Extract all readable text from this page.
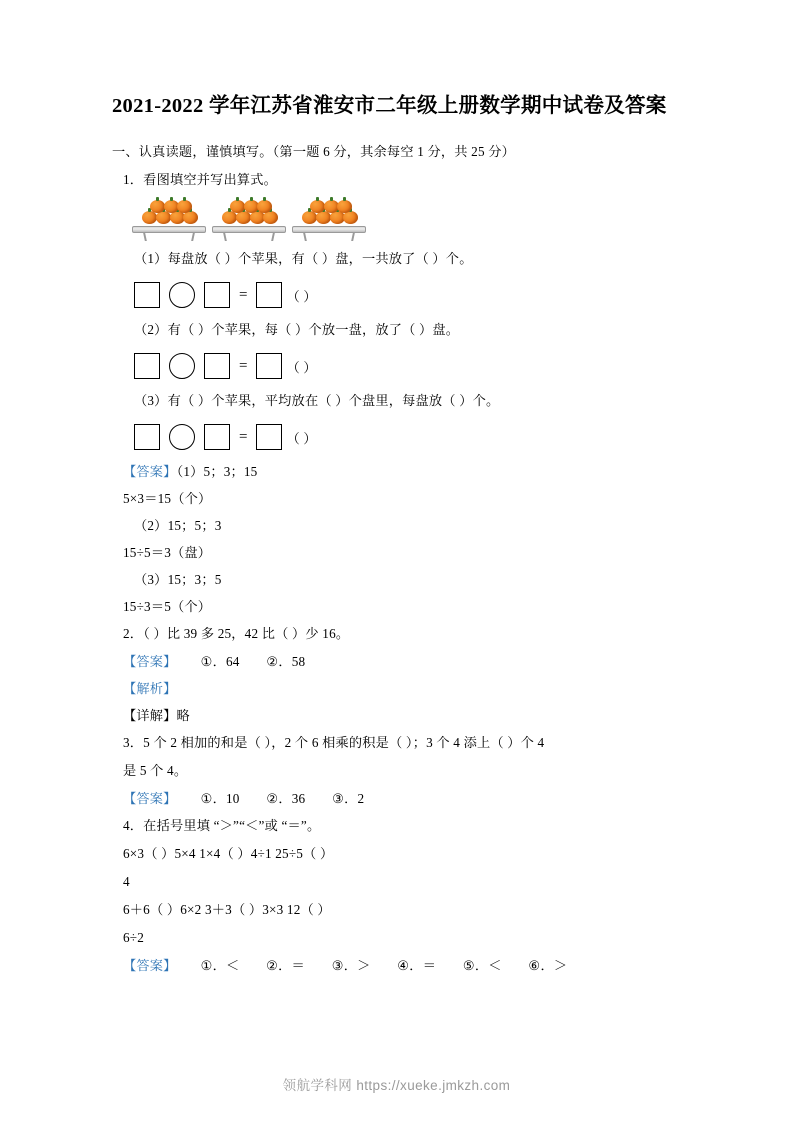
2021-2022 学年江苏省淮安市二年级上册数学期中试卷及答案

一、认真读题，谨慎填写。（第一题 6 分，其余每空 1 分，共 25 分）

1．看图填空并写出算式。

（1）每盘放（ ）个苹果，有（ ）盘，一共放了（ ）个。

=	（ ）

（2）有（ ）个苹果，每（ ）个放一盘，放了（ ）盘。

=	（ ）

（3）有（ ）个苹果，平均放在（ ）个盘里，每盘放（ ）个。

=	（ ）

【答案】（1）5；3；15

5×3＝15（个）

（2）15；5；3

15÷5＝3（盘）

（3）15；3；5

15÷3＝5（个）

2．（ ）比 39 多 25，42 比（ ）少 16。

【答案】 ①．64　　②．58

【解析】

【详解】略

3．5 个 2 相加的和是（ ），2 个 6 相乘的积是（ ）；3 个 4 添上（ ）个 4

是 5 个 4。

【答案】 ①．10　　②．36　　③．2

4．在括号里填 “＞”“＜”或 “＝”。

6×3（ ）5×4 1×4（ ）4÷1 25÷5（ ）

4

6＋6（ ）6×2 3＋3（ ）3×3 12（ ）

6÷2

【答案】 ①．＜　　②．＝　　③．＞　　④．＝　　⑤．＜　　⑥．＞

领航学科网 https://xueke.jmkzh.com
